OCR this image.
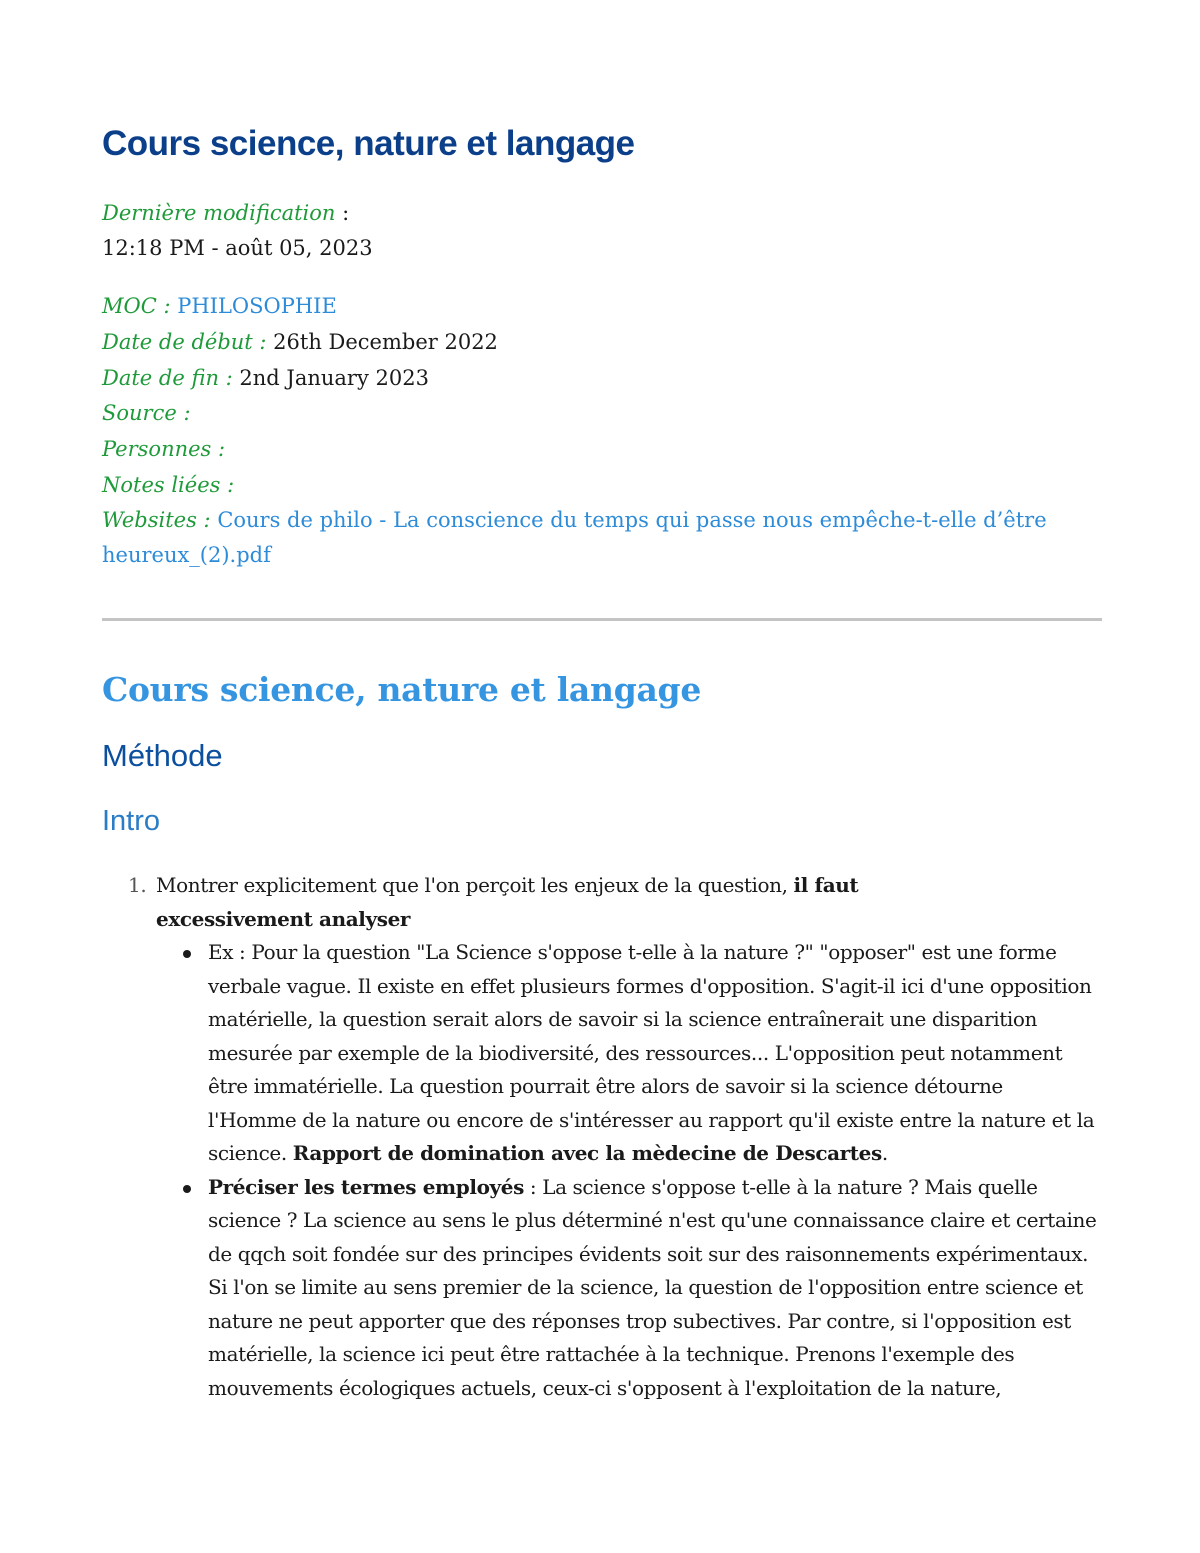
Cours science, nature et langage
Dernière modification :
12:18 PM - août 05, 2023
MOC : PHILOSOPHIE
Date de début : 26th December 2022
Date de fin : 2nd January 2023
Source :
Personnes :
Notes liées :
Websites : Cours de philo - La conscience du temps qui passe nous empêche-t-elle d’être
heureux_(2).pdf
Cours science, nature et langage
Méthode
Intro
1. Montrer explicitement que l'on perçoit les enjeux de la question, il faut
excessivement analyser
Ex : Pour la question "La Science s'oppose t-elle à la nature ?" "opposer" est une forme verbale vague. Il existe en effet plusieurs formes d'opposition. S'agit-il ici d'une opposition matérielle, la question serait alors de savoir si la science entraînerait une disparition mesurée par exemple de la biodiversité, des ressources... L'opposition peut notamment être immatérielle. La question pourrait être alors de savoir si la science détourne l'Homme de la nature ou encore de s'intéresser au rapport qu'il existe entre la nature et la science. Rapport de domination avec la mèdecine de Descartes.
Préciser les termes employés : La science s'oppose t-elle à la nature ? Mais quelle science ? La science au sens le plus déterminé n'est qu'une connaissance claire et certaine de qqch soit fondée sur des principes évidents soit sur des raisonnements expérimentaux. Si l'on se limite au sens premier de la science, la question de l'opposition entre science et nature ne peut apporter que des réponses trop subectives. Par contre, si l'opposition est matérielle, la science ici peut être rattachée à la technique. Prenons l'exemple des mouvements écologiques actuels, ceux-ci s'opposent à l'exploitation de la nature,
